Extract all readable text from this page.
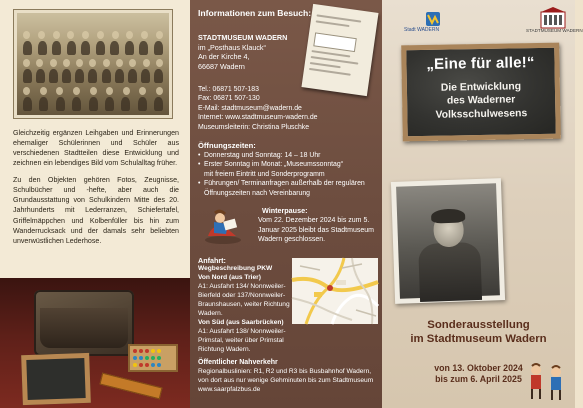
Gleichzeitig ergänzen Leihgaben und Erinnerungen ehemaliger Schülerinnen und Schüler aus verschiedenen Stadtteilen diese Entwicklung und zeichnen ein lebendiges Bild vom Schulalltag früher.

Zu den Objekten gehören Fotos, Zeugnisse, Schulbücher und -hefte, aber auch die Grundausstattung von Schulkindern Mitte des 20. Jahrhunderts mit Lederranzen, Schiefertafel, Griffelmäppchen und Kolbenfüller bis hin zum Wanderrucksack und der damals sehr beliebten unverwüstlichen Lederhose.

Informationen zum Besuch:
STADTMUSEUM WADERN
im „Posthaus Klauck“
An der Kirche 4,
66687 Wadern
Tel.: 06871 507-183
Fax: 06871 507-130
E-Mail: stadtmuseum@wadern.de
Internet: www.stadtmuseum-wadern.de
Museumsleiterin: Christina Pluschke
Öffnungszeiten:
• Donnerstag und Sonntag: 14 – 18 Uhr
• Erster Sonntag im Monat: „Museumssonntag“
mit freiem Eintritt und Sonderprogramm
• Führungen/ Terminanfragen außerhalb der regulären
Öffnungszeiten nach Vereinbarung
Winterpause:
Vom 22. Dezember 2024 bis zum 5. Januar 2025 bleibt das Stadtmuseum Wadern geschlossen.
Anfahrt:
Wegbeschreibung PKW
Von Nord (aus Trier)
A1: Ausfahrt 134/ Nonnweiler-Bierfeld oder 137/Nonnweiler-Braunshausen, weiter Richtung Wadern.
Von Süd (aus Saarbrücken)
A1: Ausfahrt 138/ Nonnweiler-Primstal, weiter über Primstal Richtung Wadern.
Öffentlicher Nahverkehr
Regionalbuslinien: R1, R2 und R3 bis Busbahnhof Wadern, von dort aus nur wenige Gehminuten bis zum Stadtmuseum www.saarpfalzbus.de
Stadt WADERN	STADTMUSEUM WADERN
„Eine für alle!“
Die Entwicklung
des Waderner
Volksschulwesens
Sonderausstellung
im Stadtmuseum Wadern
von 13. Oktober 2024
bis zum 6. April 2025
